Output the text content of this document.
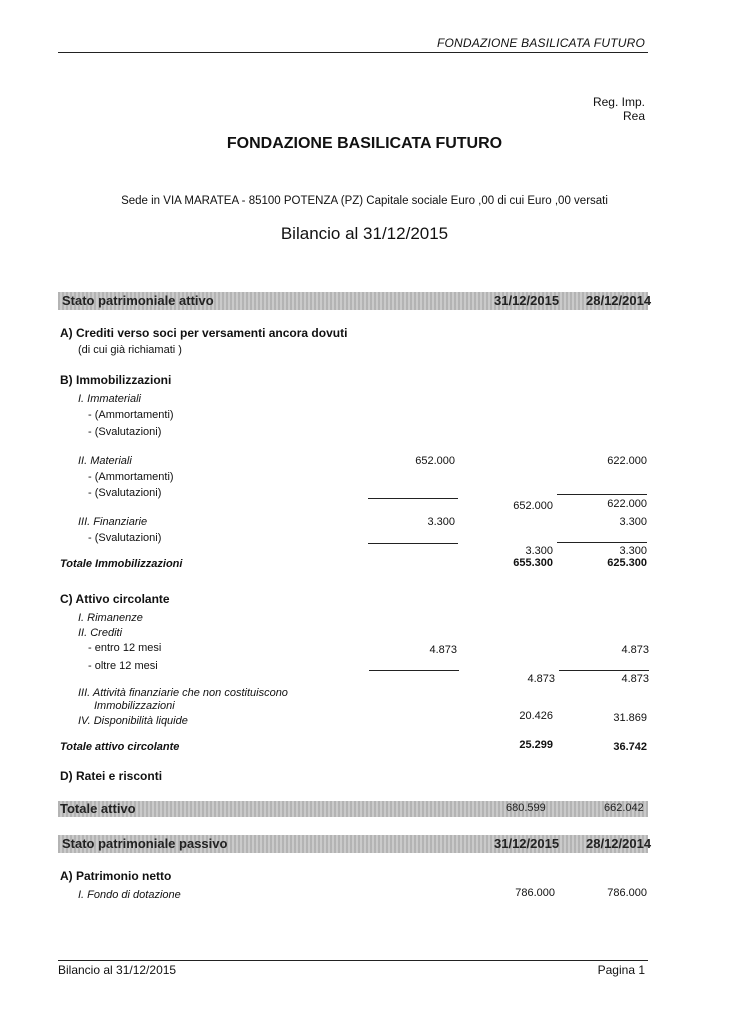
FONDAZIONE BASILICATA FUTURO
Reg. Imp.
Rea
FONDAZIONE BASILICATA FUTURO
Sede in VIA MARATEA - 85100 POTENZA (PZ) Capitale sociale Euro ,00 di cui Euro ,00 versati
Bilancio al 31/12/2015
Stato patrimoniale attivo	31/12/2015 28/12/2014
A) Crediti verso soci per versamenti ancora dovuti
(di cui già richiamati )
B) Immobilizzazioni
I. Immateriali
- (Ammortamenti)
- (Svalutazioni)
II. Materiali	652.000	622.000
- (Ammortamenti)
- (Svalutazioni)
652.000	622.000
III. Finanziarie	3.300	3.300
- (Svalutazioni)
3.300	3.300
Totale Immobilizzazioni	655.300	625.300
C) Attivo circolante
I. Rimanenze
II. Crediti
- entro 12 mesi	4.873	4.873
- oltre 12 mesi
4.873	4.873
III. Attività finanziarie che non costituiscono
Immobilizzazioni
IV. Disponibilità liquide	20.426	31.869
Totale attivo circolante	25.299	36.742
D) Ratei e risconti
Totale attivo	680.599	662.042
Stato patrimoniale passivo	31/12/2015 28/12/2014
A) Patrimonio netto
I. Fondo di dotazione	786.000	786.000
Bilancio al 31/12/2015	Pagina 1
